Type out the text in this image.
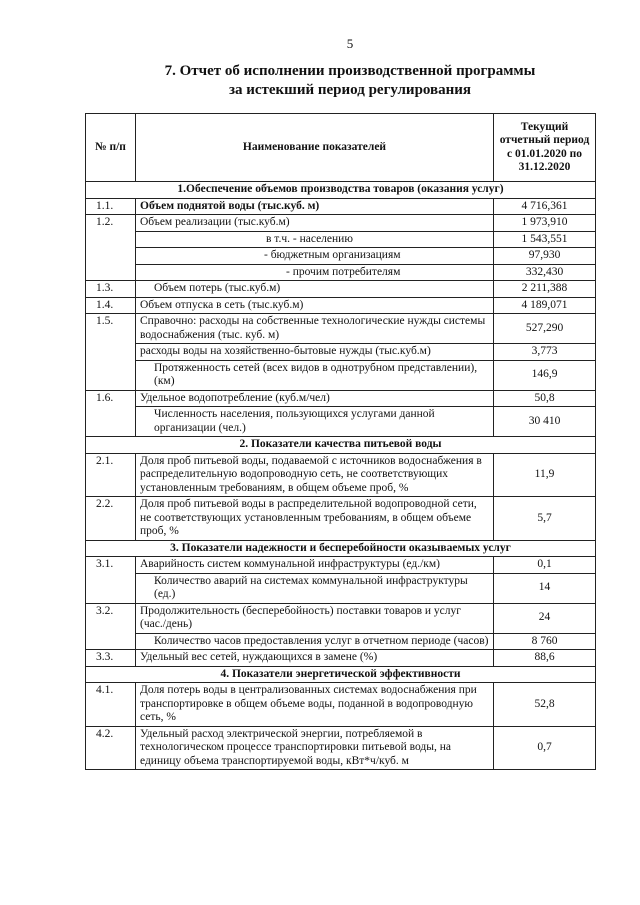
5
7. Отчет об исполнении производственной программы
за истекший период регулирования
№ п/п	Наименование показателей	Текущий отчетный период с 01.01.2020 по 31.12.2020
1.Обеспечение объемов производства товаров (оказания услуг)		
1.1.	Объем поднятой воды (тыс.куб. м)	4 716,361
1.2.	Объем реализации (тыс.куб.м)	1 973,910
	в т.ч. - населению	1 543,551
	- бюджетным организациям	97,930
	- прочим потребителям	332,430
1.3.	Объем потерь (тыс.куб.м)	2 211,388
1.4.	Объем отпуска в сеть (тыс.куб.м)	4 189,071
1.5.	Справочно: расходы на собственные технологические нужды системы водоснабжения (тыс. куб. м)	527,290
	расходы воды на хозяйственно-бытовые нужды (тыс.куб.м)	3,773
	Протяженность сетей (всех видов в однотрубном представлении), (км)	146,9
1.6.	Удельное водопотребление (куб.м/чел)	50,8
	Численность населения, пользующихся услугами данной организации (чел.)	30 410
2. Показатели качества питьевой воды		
2.1.	Доля проб питьевой воды, подаваемой с источников водоснабжения в распределительную водопроводную сеть, не соответствующих установленным требованиям, в общем объеме проб, %	11,9
2.2.	Доля проб питьевой воды в распределительной водопроводной сети, не соответствующих установленным требованиям, в общем объеме проб, %	5,7
3. Показатели надежности и бесперебойности оказываемых услуг		
3.1.	Аварийность систем коммунальной инфраструктуры (ед./км)	0,1
	Количество аварий на системах коммунальной инфраструктуры (ед.)	14
3.2.	Продолжительность (бесперебойность) поставки товаров и услуг (час./день)	24
	Количество часов предоставления услуг в отчетном периоде (часов)	8 760
3.3.	Удельный вес сетей, нуждающихся в замене (%)	88,6
4. Показатели энергетической эффективности		
4.1.	Доля потерь воды в централизованных системах водоснабжения при транспортировке в общем объеме воды, поданной в водопроводную сеть, %	52,8
4.2.	Удельный расход электрической энергии, потребляемой в технологическом процессе транспортировки питьевой воды, на единицу объема транспортируемой воды, кВт*ч/куб. м	0,7
